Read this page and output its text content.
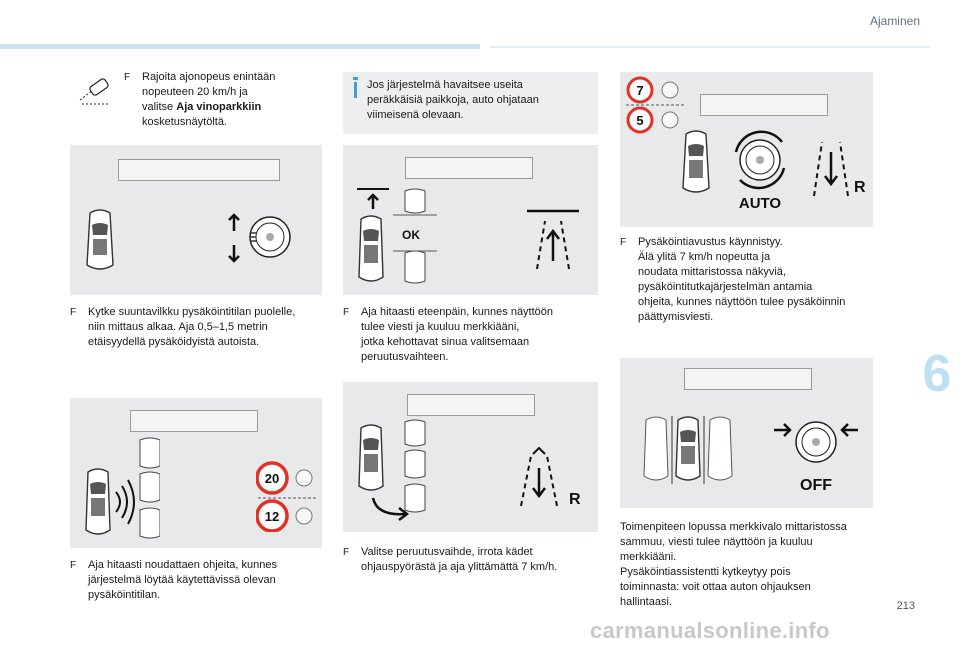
Ajaminen
6
213
F Rajoita ajonopeus enintään
nopeuteen 20 km/h ja
valitse Aja vinoparkkiin
kosketusnäytöltä.
F Kytke suuntavilkku pysäköintitilan puolelle,
niin mittaus alkaa. Aja 0,5–1,5 metrin
etäisyydellä pysäköidyistä autoista.
20
12
F Aja hitaasti noudattaen ohjeita, kunnes
järjestelmä löytää käytettävissä olevan
pysäköintitilan.
Jos järjestelmä havaitsee useita
peräkkäisiä paikkoja, auto ohjataan
viimeisenä olevaan.
OK
F Aja hitaasti eteenpäin, kunnes näyttöön
tulee viesti ja kuuluu merkkiääni,
jotka kehottavat sinua valitsemaan
peruutusvaihteen.
R
F Valitse peruutusvaihde, irrota kädet
ohjauspyörästä ja aja ylittämättä 7 km/h.
7
5
AUTO
R
F Pysäköintiavustus käynnistyy.
Älä ylitä 7 km/h nopeutta ja
noudata mittaristossa näkyviä,
pysäköintitutkajärjestelmän antamia
ohjeita, kunnes näyttöön tulee pysäköinnin
päättymisviesti.
OFF
Toimenpiteen lopussa merkkivalo mittaristossa
sammuu, viesti tulee näyttöön ja kuuluu
merkkiääni.
Pysäköintiassistentti kytkeytyy pois
toiminnasta: voit ottaa auton ohjauksen
hallintaasi.
carmanualsonline.info
